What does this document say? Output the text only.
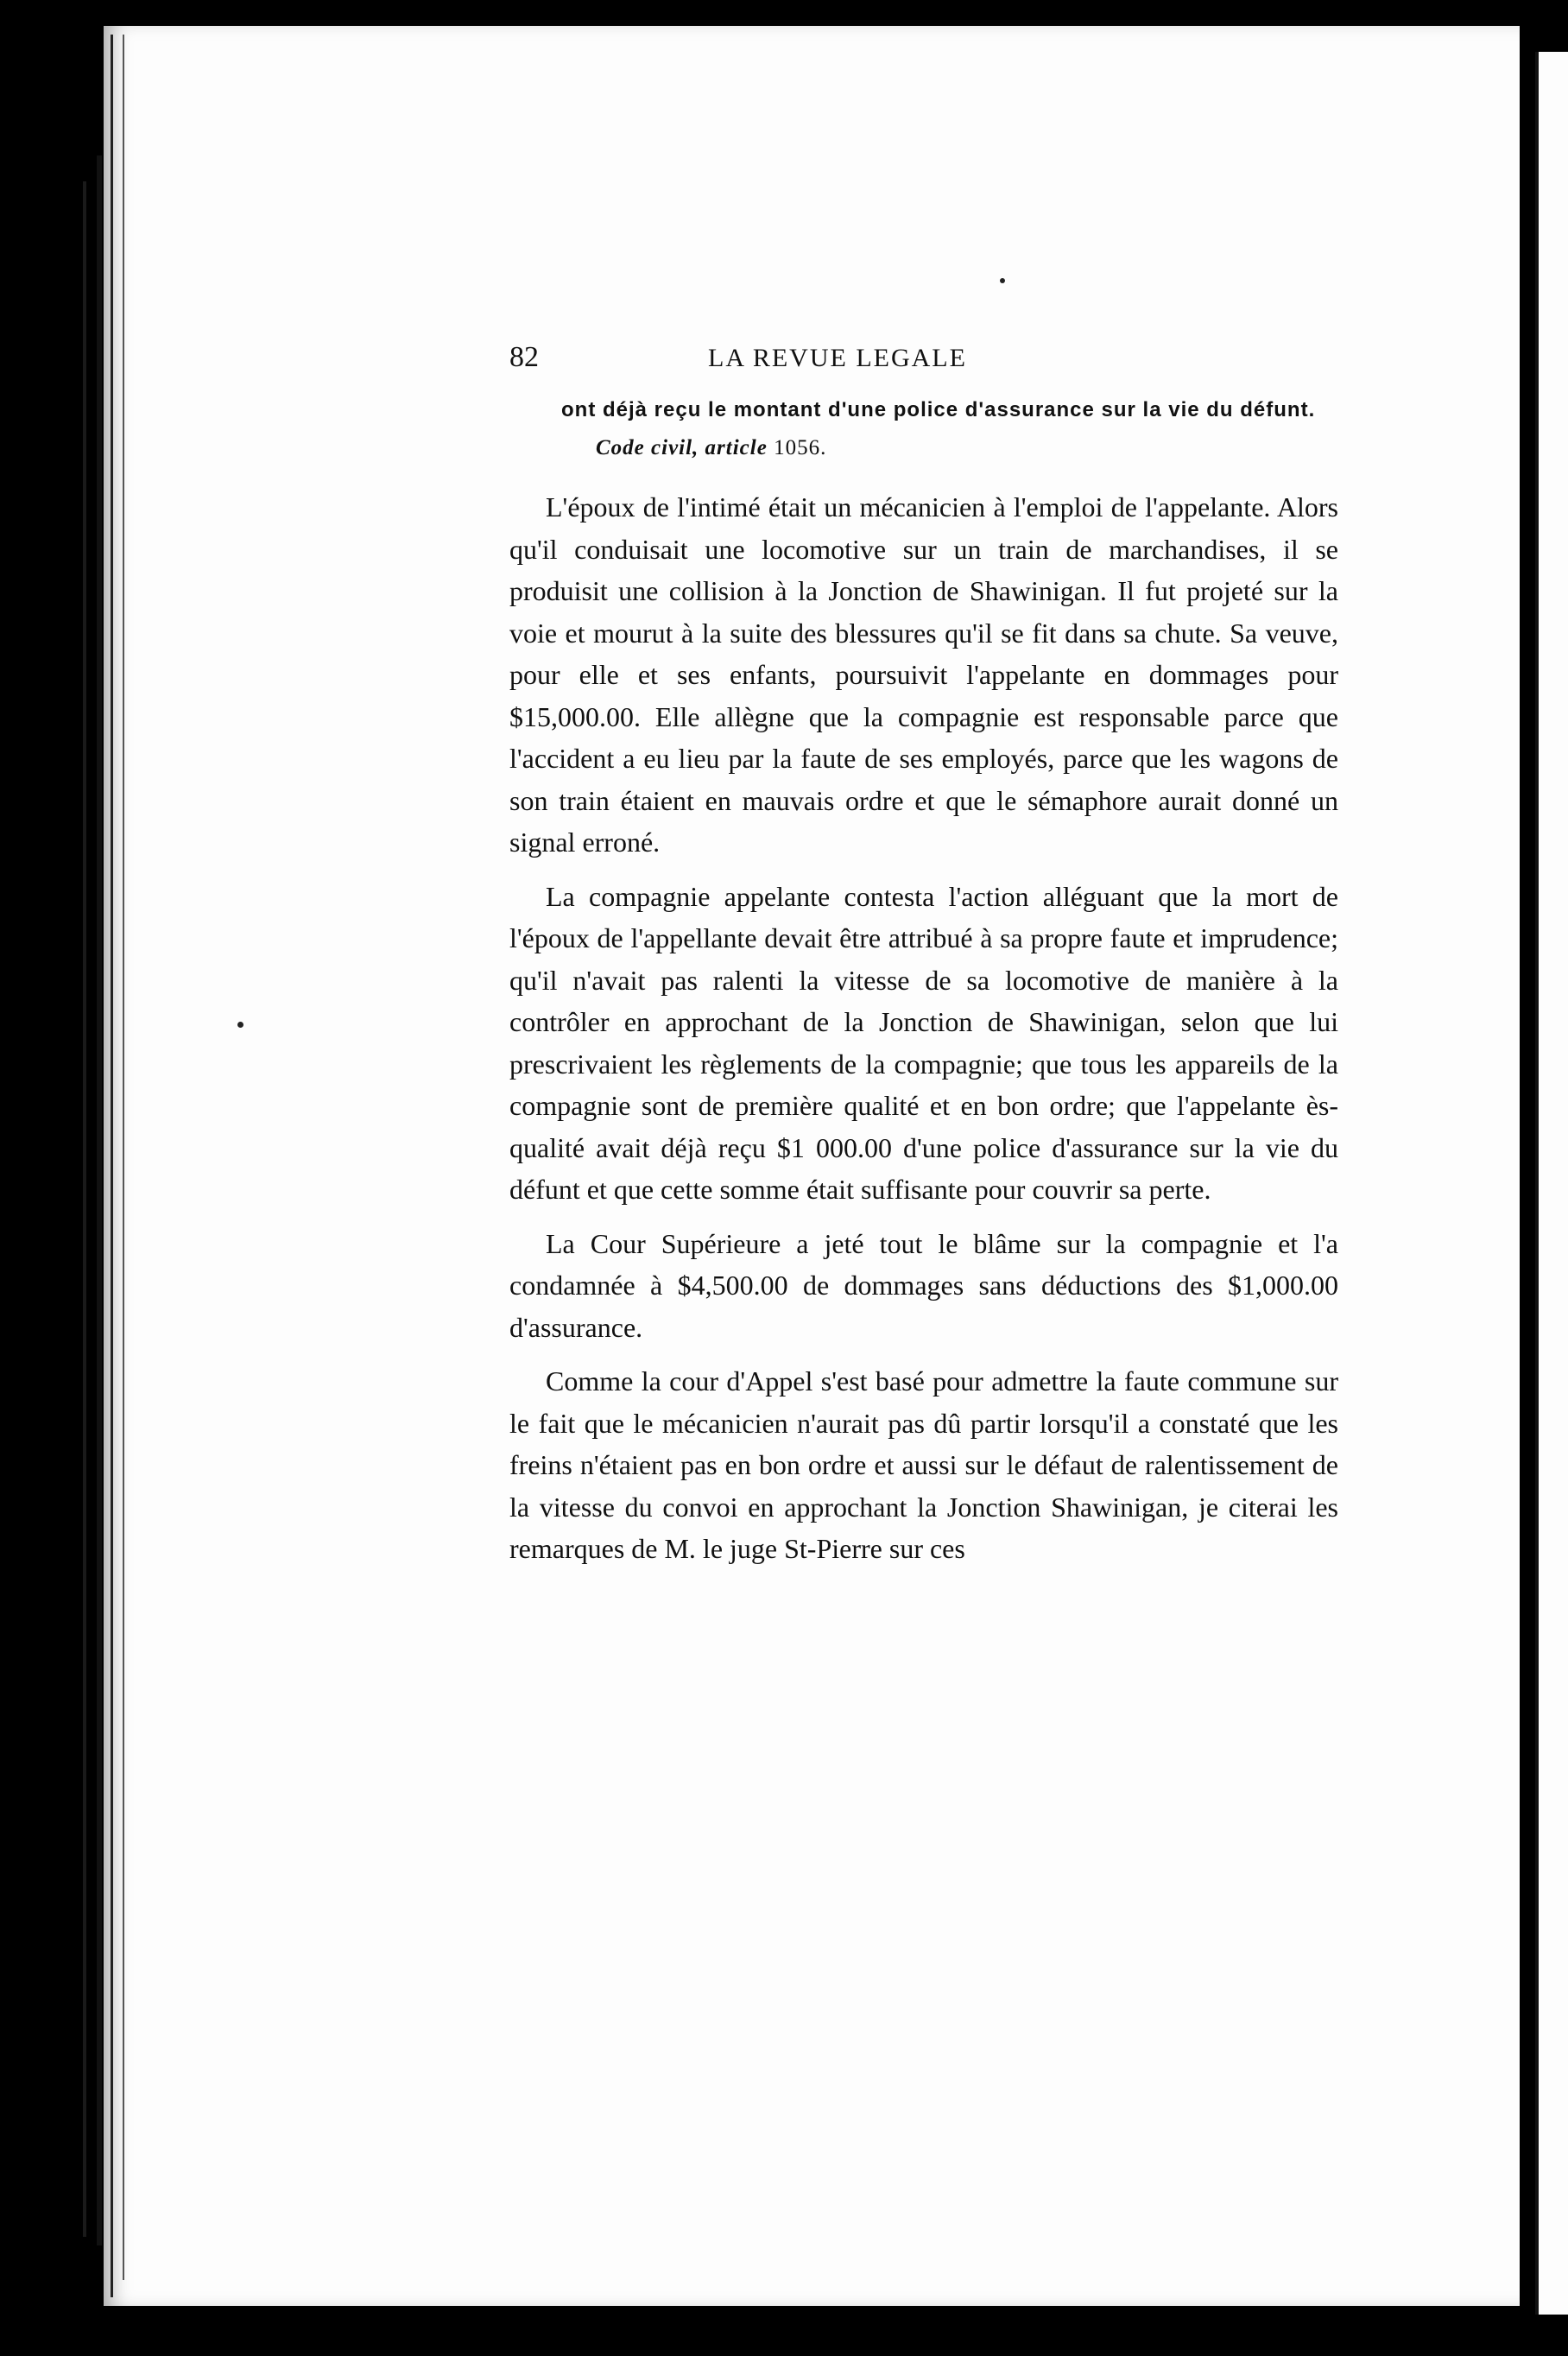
82	LA REVUE LEGALE
ont déjà reçu le montant d'une police d'assurance sur la vie du défunt.
Code civil, article 1056.

L'époux de l'intimé était un mécanicien à l'emploi de l'appelante. Alors qu'il conduisait une locomotive sur un train de marchandises, il se produisit une collision à la Jonction de Shawinigan. Il fut projeté sur la voie et mourut à la suite des blessures qu'il se fit dans sa chute. Sa veuve, pour elle et ses enfants, poursuivit l'appelante en dommages pour $15,000.00. Elle allègne que la compagnie est responsable parce que l'accident a eu lieu par la faute de ses employés, parce que les wagons de son train étaient en mauvais ordre et que le sémaphore aurait donné un signal erroné.

La compagnie appelante contesta l'action alléguant que la mort de l'époux de l'appellante devait être attribué à sa propre faute et imprudence; qu'il n'avait pas ralenti la vitesse de sa locomotive de manière à la contrôler en approchant de la Jonction de Shawinigan, selon que lui prescrivaient les règlements de la compagnie; que tous les appareils de la compagnie sont de première qualité et en bon ordre; que l'appelante ès-qualité avait déjà reçu $1 000.00 d'une police d'assurance sur la vie du défunt et que cette somme était suffisante pour couvrir sa perte.

La Cour Supérieure a jeté tout le blâme sur la compagnie et l'a condamnée à $4,500.00 de dommages sans déductions des $1,000.00 d'assurance.

Comme la cour d'Appel s'est basé pour admettre la faute commune sur le fait que le mécanicien n'aurait pas dû partir lorsqu'il a constaté que les freins n'étaient pas en bon ordre et aussi sur le défaut de ralentissement de la vitesse du convoi en approchant la Jonction Shawinigan, je citerai les remarques de M. le juge St-Pierre sur ces
